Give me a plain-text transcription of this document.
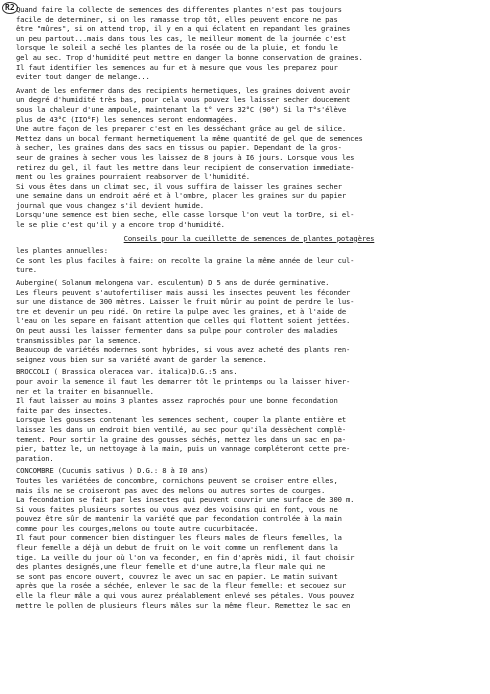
R2 Quand faire la collecte de semences des differentes plantes n'est pas toujours
facile de determiner, si on les ramasse trop tôt, elles peuvent encore ne pas
être "mûres", si on attend trop, il y en a qui éclatent en repandant les graines
un peu partout...mais dans tous les cas, le meilleur moment de la journée c'est
lorsque le soleil a seché les plantes de la rosée ou de la pluie, et fondu le
gel au sec. Trop d'humidité peut mettre en danger la bonne conservation de graines.
Il faut identifier les semences au fur et à mesure que vous les preparez pour
eviter tout danger de melange...
Avant de les enfermer dans des recipients hermetiques, les graines doivent avoir
un degré d'humidité très bas, pour cela vous pouvez les laisser secher doucement
sous la chaleur d'une ampoule, maintenant la t° vers 32°C (90°) Si la T°s'élève
plus de 43°C (IIO°F) les semences seront endommagées.
Une autre façon de les preparer c'est en les desséchant grâce au gel de silice.
Mettez dans un bocal fermant hermetiquement la même quantité de gel que de semences
à secher, les graines dans des sacs en tissus ou papier. Dependant de la gros-
seur de graines à secher vous les laissez de 8 jours à I6 jours. Lorsque vous les
retirez du gel, il faut les mettre dans leur recipient de conservation immediate-
ment ou les graines pourraient reabsorver de l'humidité.
Si vous êtes dans un climat sec, il vous suffira de laisser les graines secher
une semaine dans un endroit aéré et à l'ombre, placer les graines sur du papier
journal que vous changez s'il devient humide.
Lorsqu'une semence est bien seche, elle casse lorsque l'on veut la torDre, si el-
le se plie c'est qu'il y a encore trop d'humidité.
Conseils pour la cueillette de semences de plantes potagères
les plantes annuelles:
Ce sont les plus faciles à faire: on recolte la graine la même année de leur cul-
ture.
Aubergine( Solanum melongena var. esculentum) D 5 ans de durée germinative.
Les fleurs peuvent s'autofertiliser mais aussi les insectes peuvent les féconder
sur une distance de 300 mètres. Laisser le fruit mûrir au point de perdre le lus-
tre et devenir un peu ridé. On retire la pulpe avec les graines, et à l'aide de
l'eau on les separe en faisant attention que celles qui flottent soient jettées.
On peut aussi les laisser fermenter dans sa pulpe pour controler des maladies
transmissibles par la semence.
Beaucoup de variétés modernes sont hybrides, si vous avez acheté des plants ren-
seignez vous bien sur sa variété avant de garder la semence.
BROCCOLI ( Brassica oleracea var. italica)D.G.:5 ans.
pour avoir la semence il faut les demarrer tôt le printemps ou la laisser hiver-
ner et la traiter en bisannuelle.
Il faut laisser au moins 3 plantes assez raprochés pour une bonne fecondation
faite par des insectes.
Lorsque les gousses contenant les semences sechent, couper la plante entière et
laissez les dans un endroit bien ventilé, au sec pour qu'ila dessèchent complè-
tement. Pour sortir la graine des gousses séchés, mettez les dans un sac en pa-
pier, battez le, un nettoyage à la main, puis un vannage compléteront cette pre-
paration.
CONCOMBRE (Cucumis sativus ) D.G.: 8 à I0 ans)
Toutes les variétées de concombre, cornichons peuvent se croiser entre elles,
mais ils ne se croiseront pas avec des melons ou autres sortes de courges.
La fecondation se fait par les insectes qui peuvent couvrir une surface de 300 m.
Si vous faites plusieurs sortes ou vous avez des voisins qui en font, vous ne
pouvez être sûr de mantenir la variété que par fecondation controlée à la main
comme pour les courges,melons ou toute autre cucurbitacée.
Il faut pour commencer bien distinguer les fleurs males de fleurs femelles, la
fleur femelle a déjà un debut de fruit on le voit comme un renflement dans la
tige. La veille du jour où l'on va feconder, en fin d'après midi, il faut choisir
des plantes designés,une fleur femelle et d'une autre,la fleur male qui ne
se sont pas encore ouvert, couvrez le avec un sac en papier. Le matin suivant
après que la rosée a séchée, enlever le sac de la fleur femelle: et secouez sur
elle la fleur mâle a qui vous aurez préalablement enlevé ses pétales. Vous pouvez
mettre le pollen de plusieurs fleurs mâles sur la même fleur. Remettez le sac en
